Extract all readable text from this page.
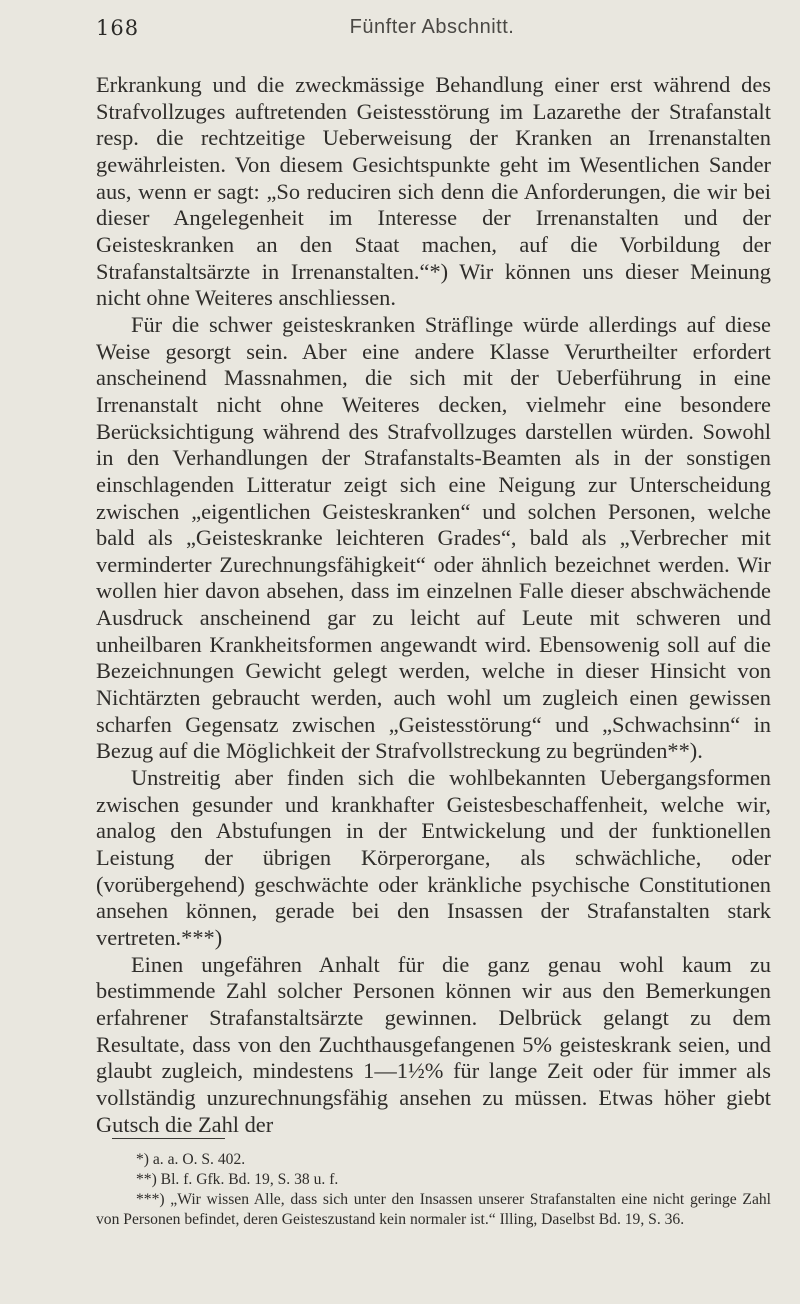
168	Fünfter Abschnitt.

Erkrankung und die zweckmässige Behandlung einer erst während des Strafvollzuges auftretenden Geistesstörung im Lazarethe der Strafanstalt resp. die rechtzeitige Ueberweisung der Kranken an Irrenanstalten gewährleisten. Von diesem Gesichtspunkte geht im Wesentlichen Sander aus, wenn er sagt: „So reduciren sich denn die Anforderungen, die wir bei dieser Angelegenheit im Interesse der Irrenanstalten und der Geisteskranken an den Staat machen, auf die Vorbildung der Strafanstaltsärzte in Irrenanstalten.“*) Wir können uns dieser Meinung nicht ohne Weiteres anschliessen.

Für die schwer geisteskranken Sträflinge würde allerdings auf diese Weise gesorgt sein. Aber eine andere Klasse Verurtheilter erfordert anscheinend Massnahmen, die sich mit der Ueberführung in eine Irrenanstalt nicht ohne Weiteres decken, vielmehr eine besondere Berücksichtigung während des Strafvollzuges darstellen würden. Sowohl in den Verhandlungen der Strafanstalts-Beamten als in der sonstigen einschlagenden Litteratur zeigt sich eine Neigung zur Unterscheidung zwischen „eigentlichen Geisteskranken“ und solchen Personen, welche bald als „Geisteskranke leichteren Grades“, bald als „Verbrecher mit verminderter Zurechnungsfähigkeit“ oder ähnlich bezeichnet werden. Wir wollen hier davon absehen, dass im einzelnen Falle dieser abschwächende Ausdruck anscheinend gar zu leicht auf Leute mit schweren und unheilbaren Krankheitsformen angewandt wird. Ebensowenig soll auf die Bezeichnungen Gewicht gelegt werden, welche in dieser Hinsicht von Nichtärzten gebraucht werden, auch wohl um zugleich einen gewissen scharfen Gegensatz zwischen „Geistesstörung“ und „Schwachsinn“ in Bezug auf die Möglichkeit der Strafvollstreckung zu begründen**).

Unstreitig aber finden sich die wohlbekannten Uebergangsformen zwischen gesunder und krankhafter Geistesbeschaffenheit, welche wir, analog den Abstufungen in der Entwickelung und der funktionellen Leistung der übrigen Körperorgane, als schwächliche, oder (vorübergehend) geschwächte oder kränkliche psychische Constitutionen ansehen können, gerade bei den Insassen der Strafanstalten stark vertreten.***)

Einen ungefähren Anhalt für die ganz genau wohl kaum zu bestimmende Zahl solcher Personen können wir aus den Bemerkungen erfahrener Strafanstaltsärzte gewinnen. Delbrück gelangt zu dem Resultate, dass von den Zuchthausgefangenen 5% geisteskrank seien, und glaubt zugleich, mindestens 1—1½% für lange Zeit oder für immer als vollständig unzurechnungsfähig ansehen zu müssen. Etwas höher giebt Gutsch die Zahl der

*) a. a. O. S. 402.

**) Bl. f. Gfk. Bd. 19, S. 38 u. f.

***) „Wir wissen Alle, dass sich unter den Insassen unserer Strafanstalten eine nicht geringe Zahl von Personen befindet, deren Geisteszustand kein normaler ist.“ Illing, Daselbst Bd. 19, S. 36.
